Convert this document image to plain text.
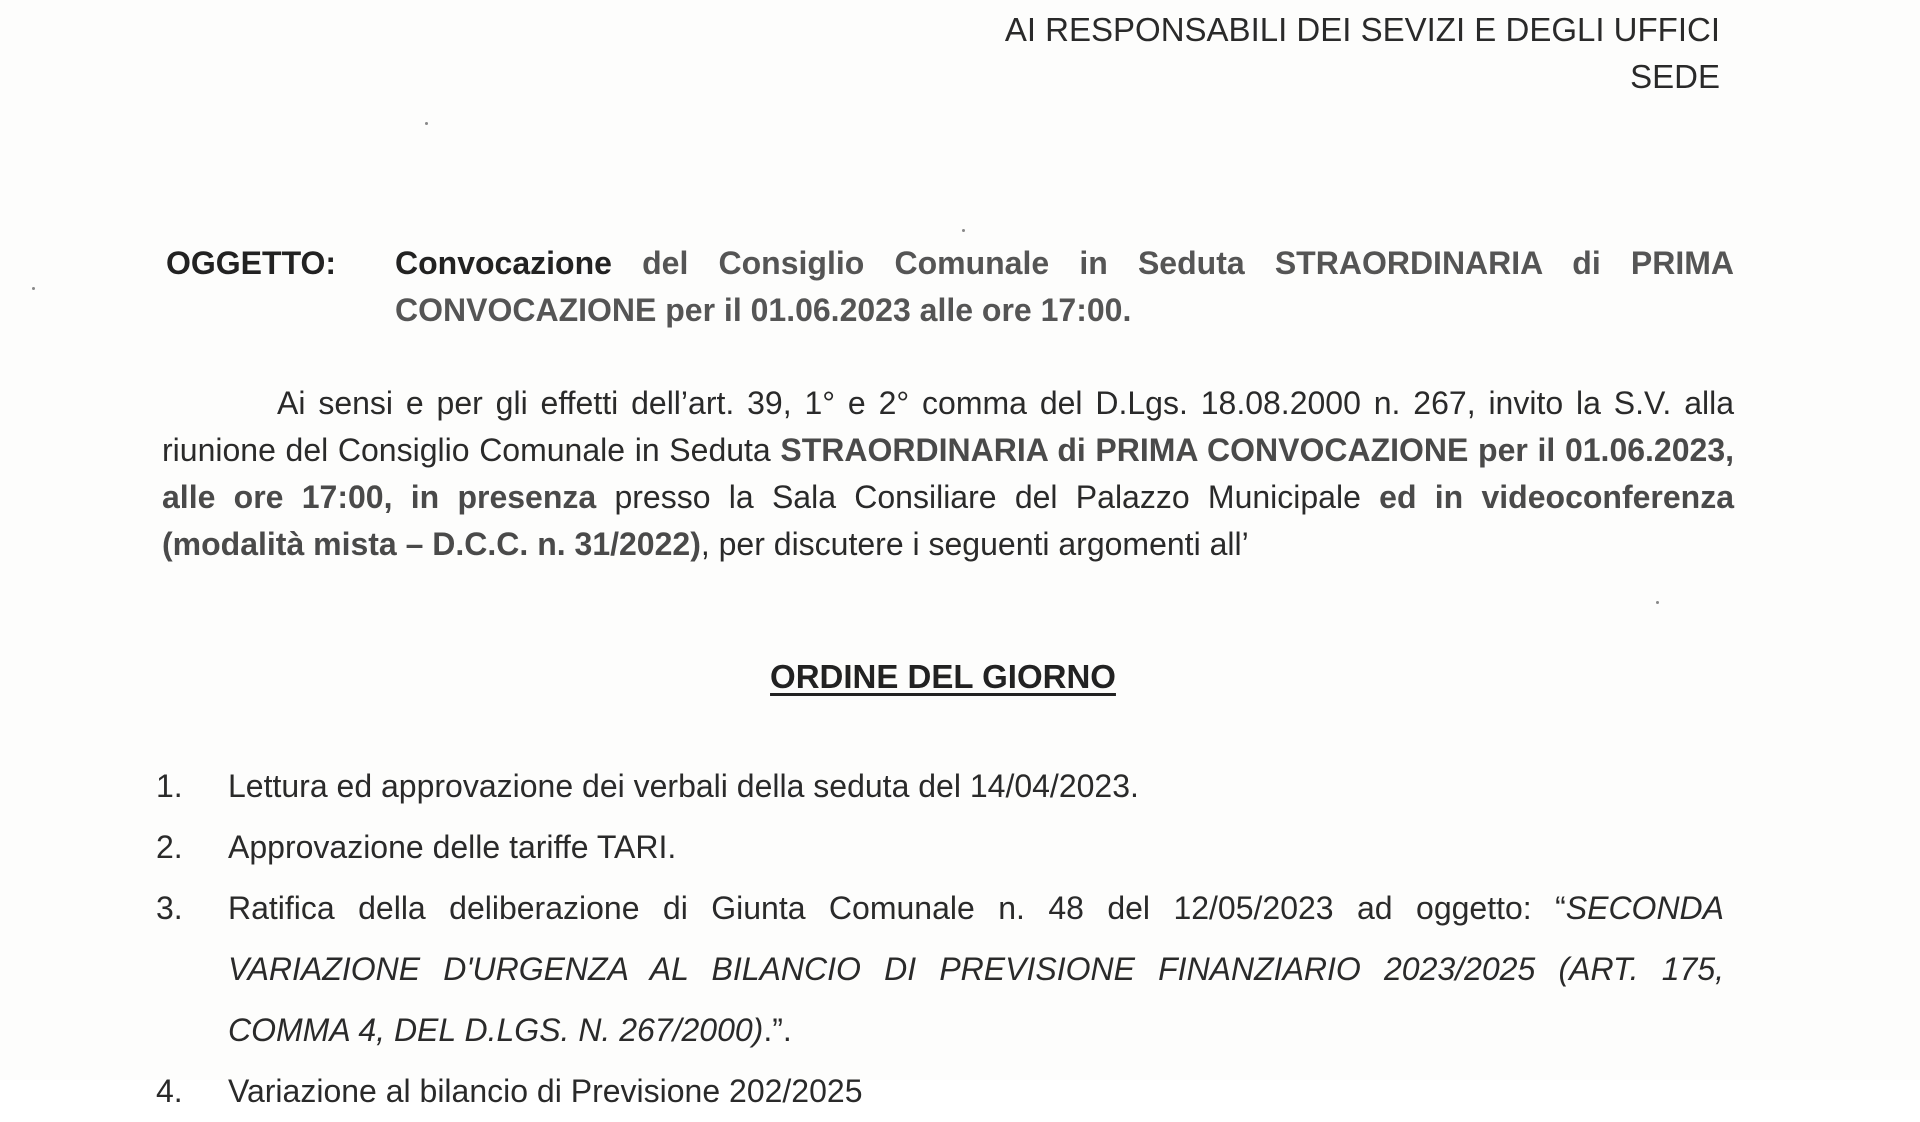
AI RESPONSABILI DEI SEVIZI E DEGLI UFFICI
SEDE
OGGETTO: Convocazione del Consiglio Comunale in Seduta STRAORDINARIA di PRIMA CONVOCAZIONE per il 01.06.2023 alle ore 17:00.
Ai sensi e per gli effetti dell’art. 39, 1° e 2° comma del D.Lgs. 18.08.2000 n. 267, invito la S.V. alla riunione del Consiglio Comunale in Seduta STRAORDINARIA di PRIMA CONVOCAZIONE per il 01.06.2023, alle ore 17:00, in presenza presso la Sala Consiliare del Palazzo Municipale ed in videoconferenza (modalità mista – D.C.C. n. 31/2022), per discutere i seguenti argomenti all’
ORDINE DEL GIORNO
1. Lettura ed approvazione dei verbali della seduta del 14/04/2023.
2. Approvazione delle tariffe TARI.
3. Ratifica della deliberazione di Giunta Comunale n. 48 del 12/05/2023 ad oggetto: “SECONDA VARIAZIONE D'URGENZA AL BILANCIO DI PREVISIONE FINANZIARIO 2023/2025 (ART. 175, COMMA 4, DEL D.LGS. N. 267/2000).”.
4. Variazione al bilancio di Previsione 202/2025
